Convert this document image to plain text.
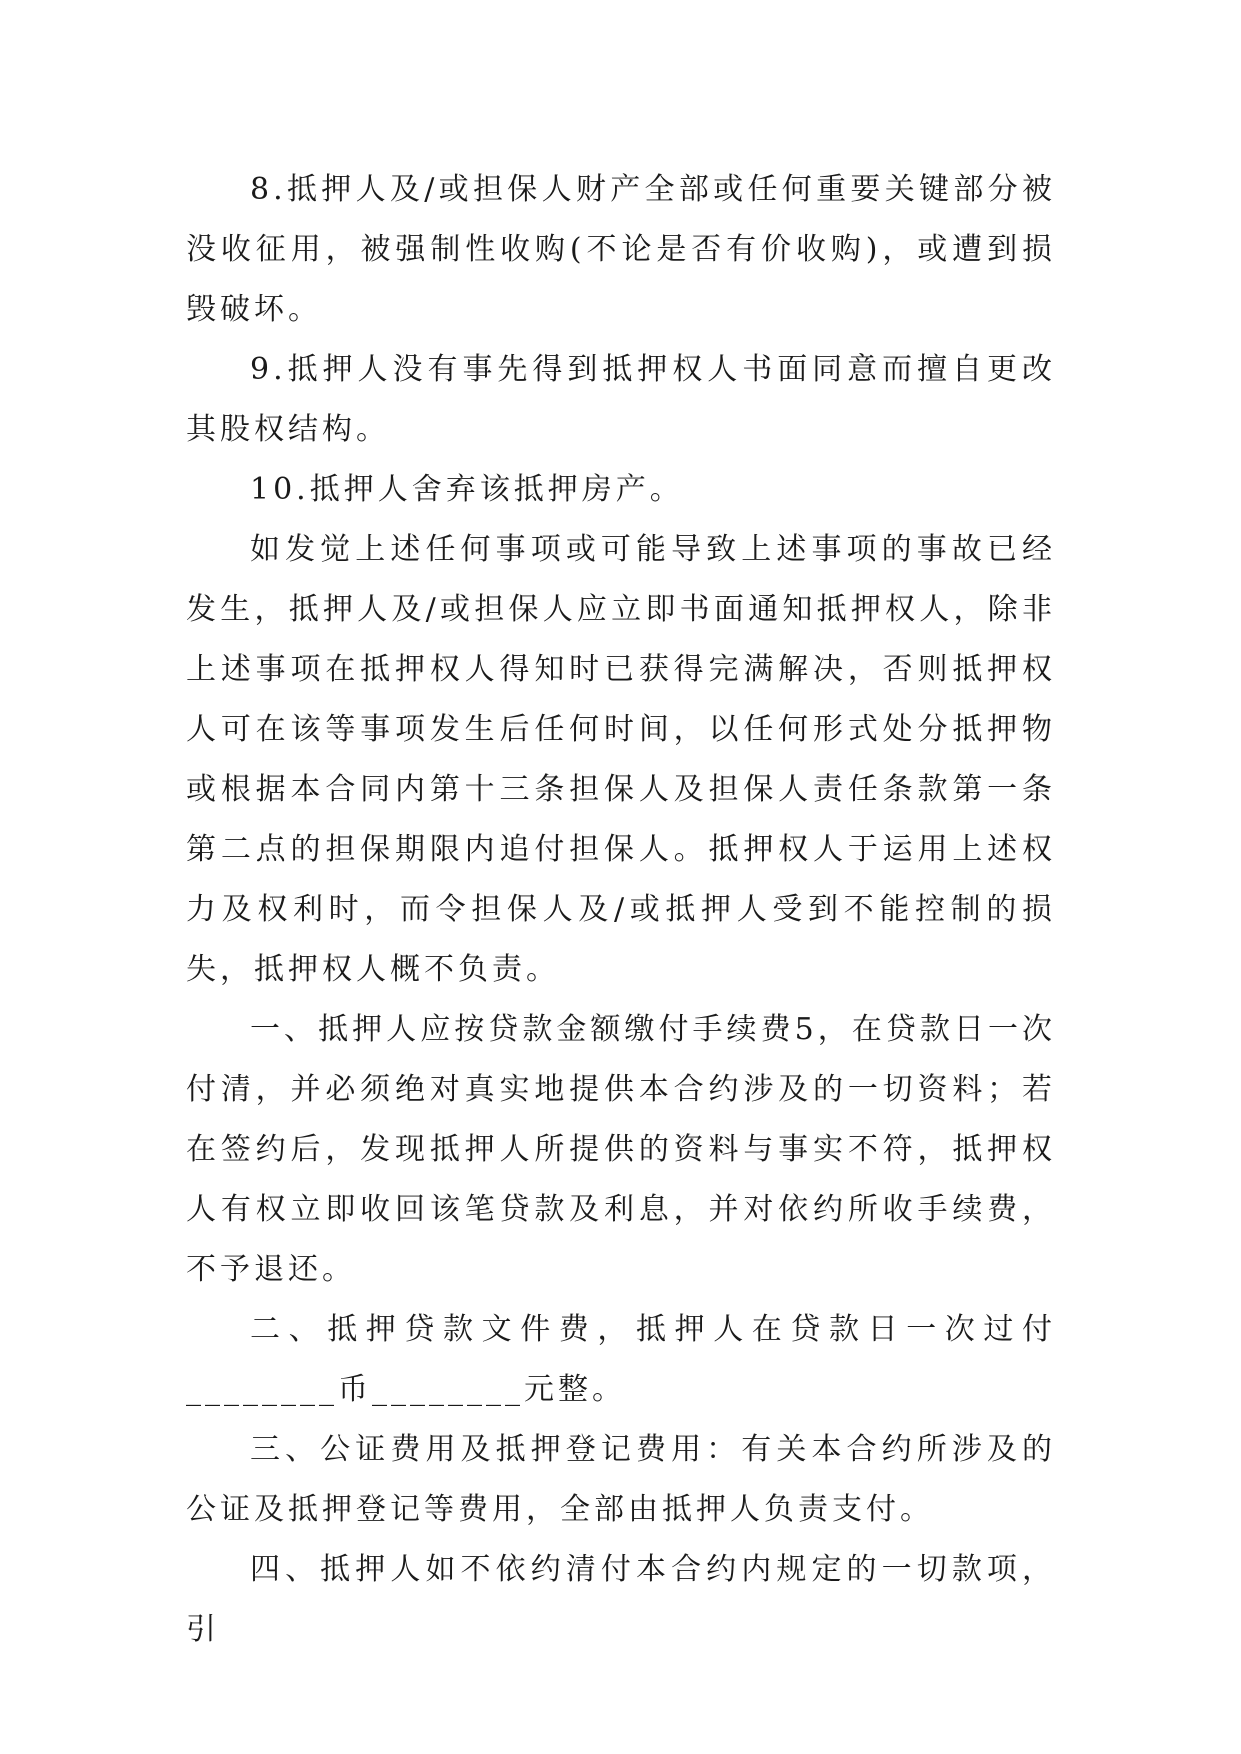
8.抵押人及/或担保人财产全部或任何重要关键部分被没收征用，被强制性收购(不论是否有价收购)，或遭到损毁破坏。

9.抵押人没有事先得到抵押权人书面同意而擅自更改其股权结构。

10.抵押人舍弃该抵押房产。

如发觉上述任何事项或可能导致上述事项的事故已经发生，抵押人及/或担保人应立即书面通知抵押权人，除非上述事项在抵押权人得知时已获得完满解决，否则抵押权人可在该等事项发生后任何时间，以任何形式处分抵押物或根据本合同内第十三条担保人及担保人责任条款第一条第二点的担保期限内追付担保人。抵押权人于运用上述权力及权利时，而令担保人及/或抵押人受到不能控制的损失，抵押权人概不负责。

一、抵押人应按贷款金额缴付手续费5，在贷款日一次付清，并必须绝对真实地提供本合约涉及的一切资料；若在签约后，发现抵押人所提供的资料与事实不符，抵押权人有权立即收回该笔贷款及利息，并对依约所收手续费，不予退还。

二、抵押贷款文件费，抵押人在贷款日一次过付________币________元整。

三、公证费用及抵押登记费用：有关本合约所涉及的公证及抵押登记等费用，全部由抵押人负责支付。

四、抵押人如不依约清付本合约内规定的一切款项，引
